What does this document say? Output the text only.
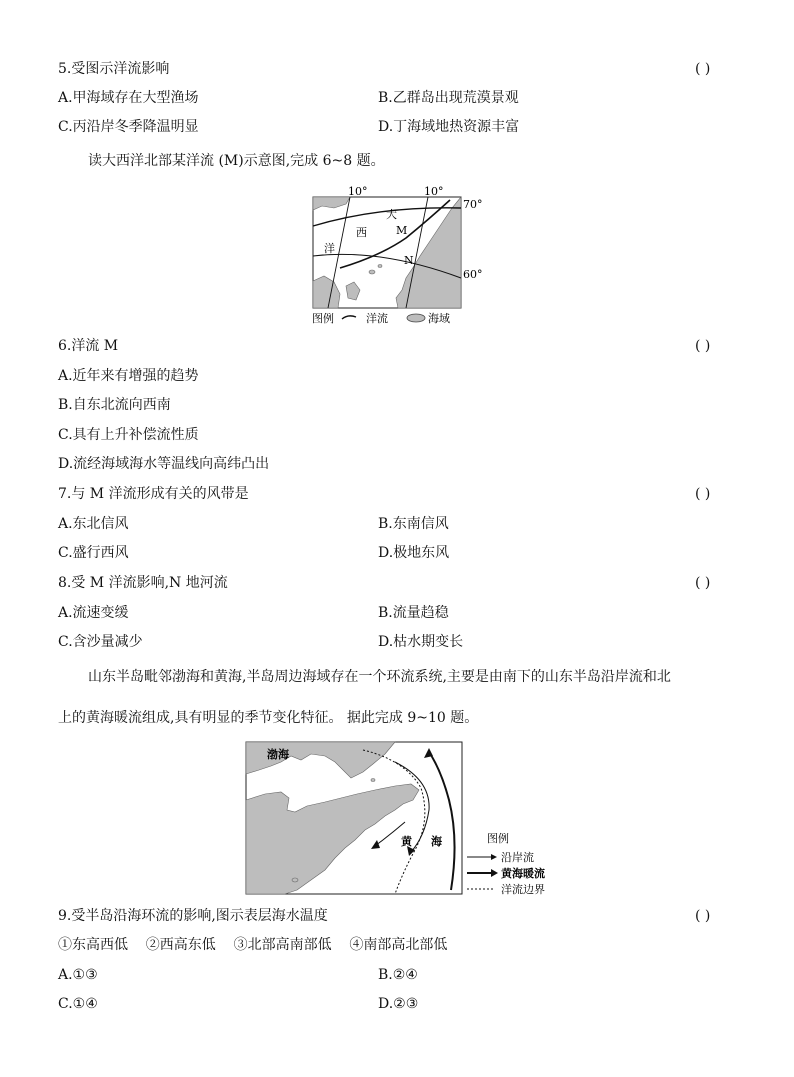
5.受图示洋流影响	( )
A.甲海域存在大型渔场	B.乙群岛出现荒漠景观
C.丙沿岸冬季降温明显	D.丁海域地热资源丰富
读大西洋北部某洋流 (M)示意图,完成 6~8 题。
10°	10°
70°
60°
大
西
洋
M
N
图例	洋流	海域
6.洋流 M	( )
A.近年来有增强的趋势
B.自东北流向西南
C.具有上升补偿流性质
D.流经海域海水等温线向高纬凸出
7.与 M 洋流形成有关的风带是	( )
A.东北信风	B.东南信风
C.盛行西风	D.极地东风
8.受 M 洋流影响,N 地河流	( )
A.流速变缓	B.流量趋稳
C.含沙量减少	D.枯水期变长
山东半岛毗邻渤海和黄海,半岛周边海域存在一个环流系统,主要是由南下的山东半岛沿岸流和北
上的黄海暖流组成,具有明显的季节变化特征。 据此完成 9~10 题。
渤海
黄 海	图例
沿岸流
黄海暖流
洋流边界
9.受半岛沿海环流的影响,图示表层海水温度	( )
①东高西低    ②西高东低    ③北部高南部低    ④南部高北部低
A.①③	B.②④
C.①④	D.②③
